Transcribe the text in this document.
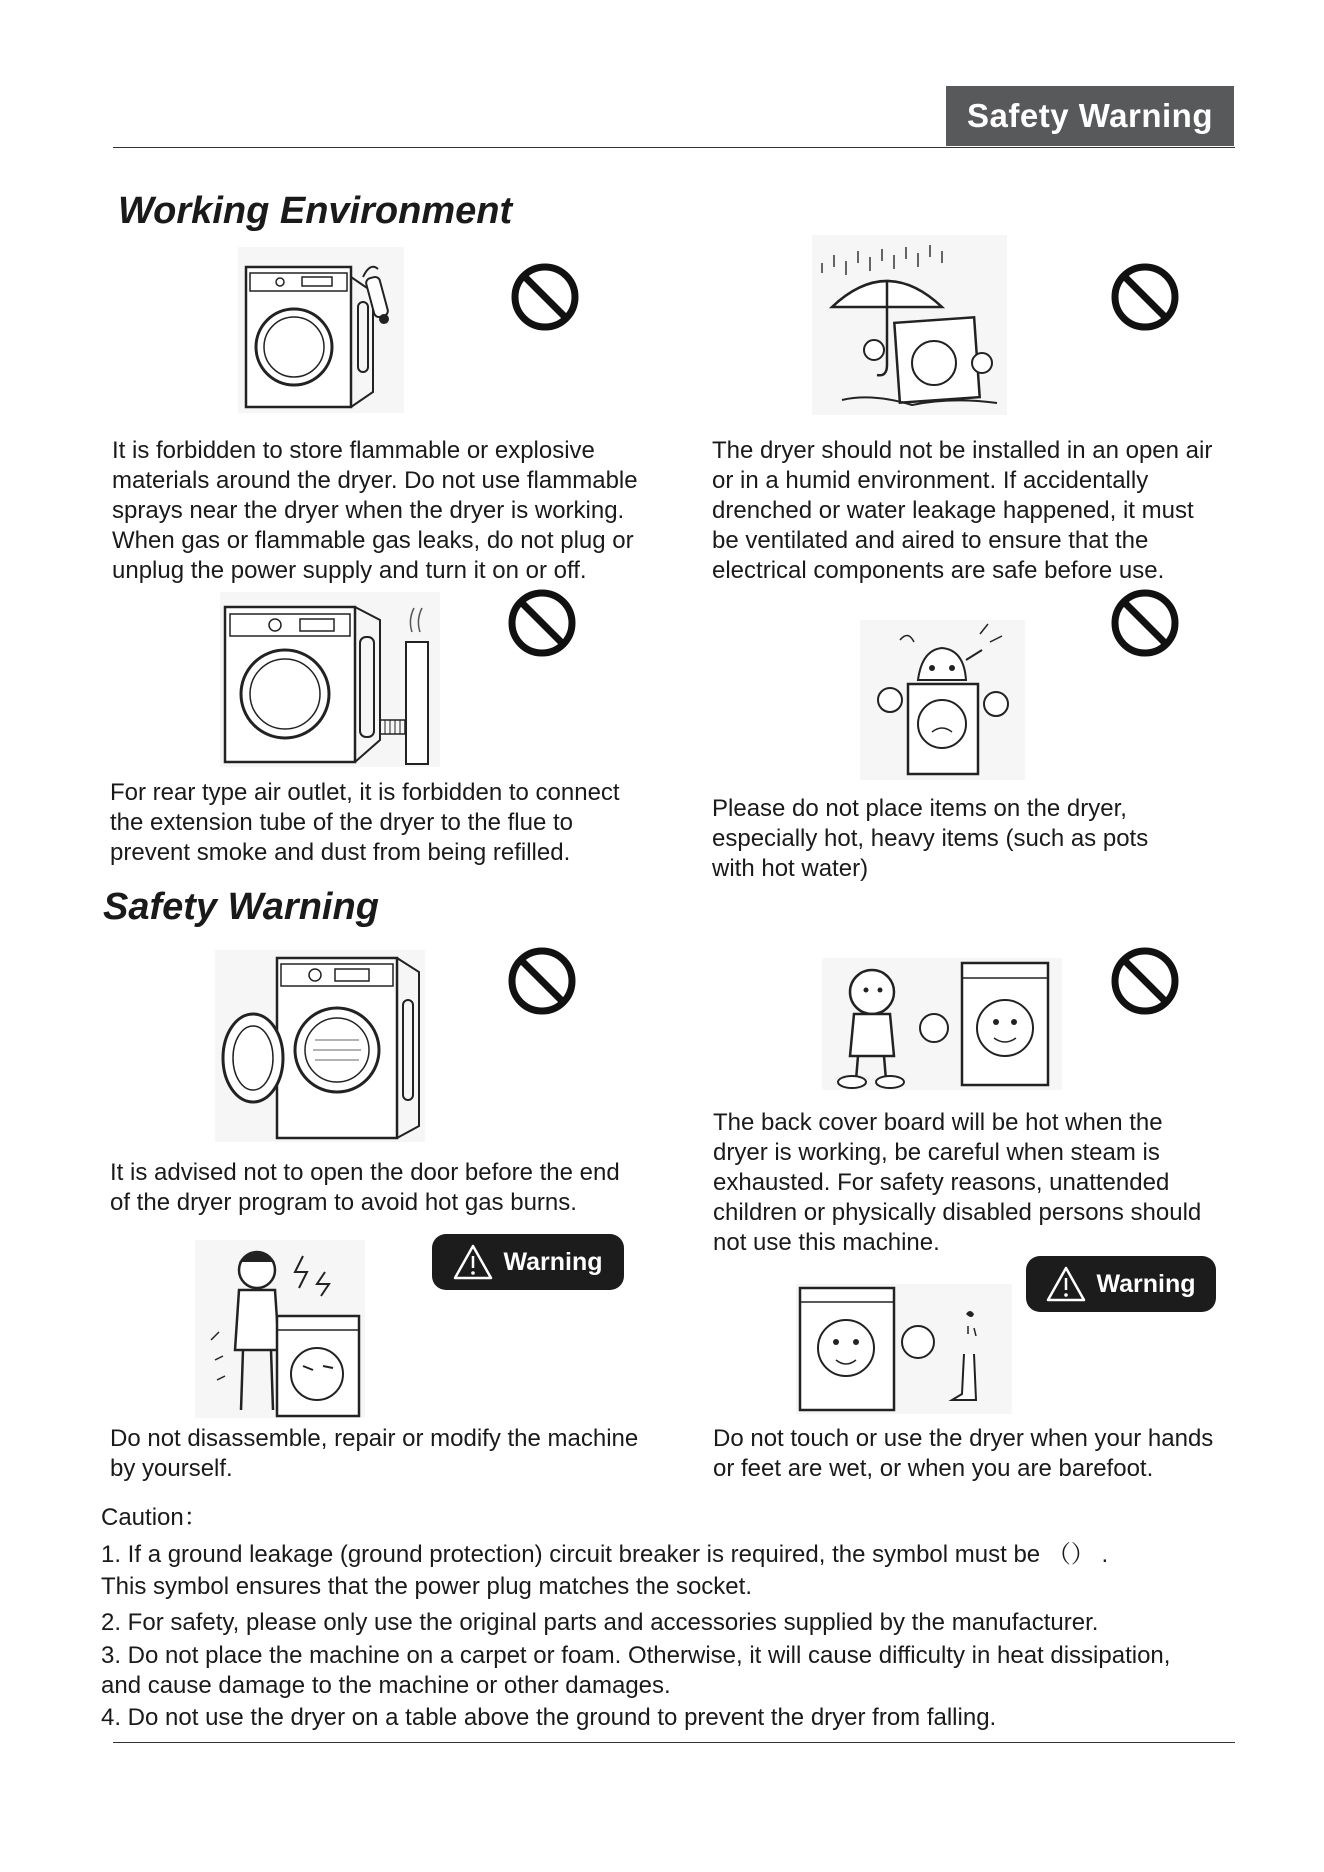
Safety Warning
Working Environment
It is forbidden to store flammable or explosive
materials around the dryer. Do not use flammable
sprays near the dryer when the dryer is working.
When gas or flammable gas leaks, do not plug or
unplug the power supply and turn it on or off.
The dryer should not be installed in an open air
or in a humid environment. If accidentally
drenched or water leakage happened, it must
be ventilated and aired to ensure that the
electrical components are safe before use.
For rear type air outlet, it is forbidden to connect
the extension tube of the dryer to the flue to
prevent smoke and dust from being refilled.
Please do not place items on the dryer,
especially hot, heavy items (such as pots
with hot water)
Safety Warning
It is advised not to open the door before the end
of the dryer program to avoid hot gas burns.
The back cover board will be hot when the
dryer is working, be careful when steam is
exhausted. For safety reasons, unattended
children or physically disabled persons should
not use this machine.
Warning
Warning
Do not disassemble, repair or modify the machine
by yourself.
Do not touch or use the dryer when your hands
or feet are wet, or when you are barefoot.
Caution：
1. If a ground leakage (ground protection) circuit breaker is required, the symbol must be （） .
This symbol ensures that the power plug matches the socket.
2. For safety, please only use the original parts and accessories supplied by the manufacturer.
3. Do not place the machine on a carpet or foam. Otherwise, it will cause difficulty in heat dissipation,
and cause damage to the machine or other damages.
4. Do not use the dryer on a table above the ground to prevent the dryer from falling.
